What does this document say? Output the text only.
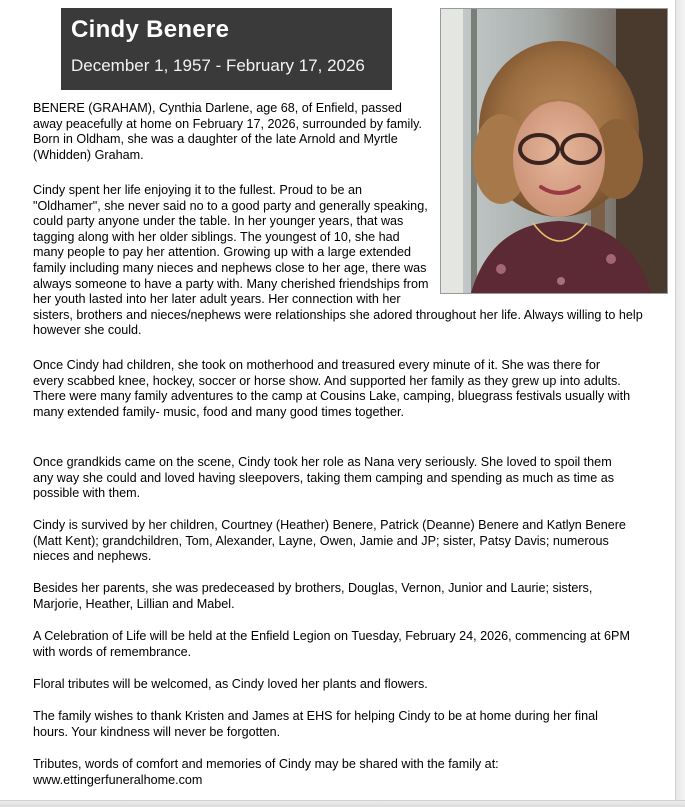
Cindy Benere
December 1, 1957 - February 17, 2026

BENERE (GRAHAM), Cynthia Darlene, age 68, of Enfield, passed away peacefully at home on February 17, 2026, surrounded by family. Born in Oldham, she was a daughter of the late Arnold and Myrtle (Whidden) Graham.

Cindy spent her life enjoying it to the fullest. Proud to be an "Oldhamer", she never said no to a good party and generally speaking, could party anyone under the table. In her younger years, that was tagging along with her older siblings. The youngest of 10, she had many people to pay her attention. Growing up with a large extended family including many nieces and nephews close to her age, there was always someone to have a party with. Many cherished friendships from her youth lasted into her later adult years. Her connection with her sisters, brothers and nieces/nephews were relationships she adored throughout her life. Always willing to help however she could.

Once Cindy had children, she took on motherhood and treasured every minute of it. She was there for every scabbed knee, hockey, soccer or horse show. And supported her family as they grew up into adults. There were many family adventures to the camp at Cousins Lake, camping, bluegrass festivals usually with many extended family- music, food and many good times together.

Once grandkids came on the scene, Cindy took her role as Nana very seriously. She loved to spoil them any way she could and loved having sleepovers, taking them camping and spending as much as time as possible with them.

Cindy is survived by her children, Courtney (Heather) Benere, Patrick (Deanne) Benere and Katlyn Benere (Matt Kent); grandchildren, Tom, Alexander, Layne, Owen, Jamie and JP; sister, Patsy Davis; numerous nieces and nephews.

Besides her parents, she was predeceased by brothers, Douglas, Vernon, Junior and Laurie; sisters, Marjorie, Heather, Lillian and Mabel.

A Celebration of Life will be held at the Enfield Legion on Tuesday, February 24, 2026, commencing at 6PM with words of remembrance.

Floral tributes will be welcomed, as Cindy loved her plants and flowers.

The family wishes to thank Kristen and James at EHS for helping Cindy to be at home during her final hours. Your kindness will never be forgotten.

Tributes, words of comfort and memories of Cindy may be shared with the family at: www.ettingerfuneralhome.com
